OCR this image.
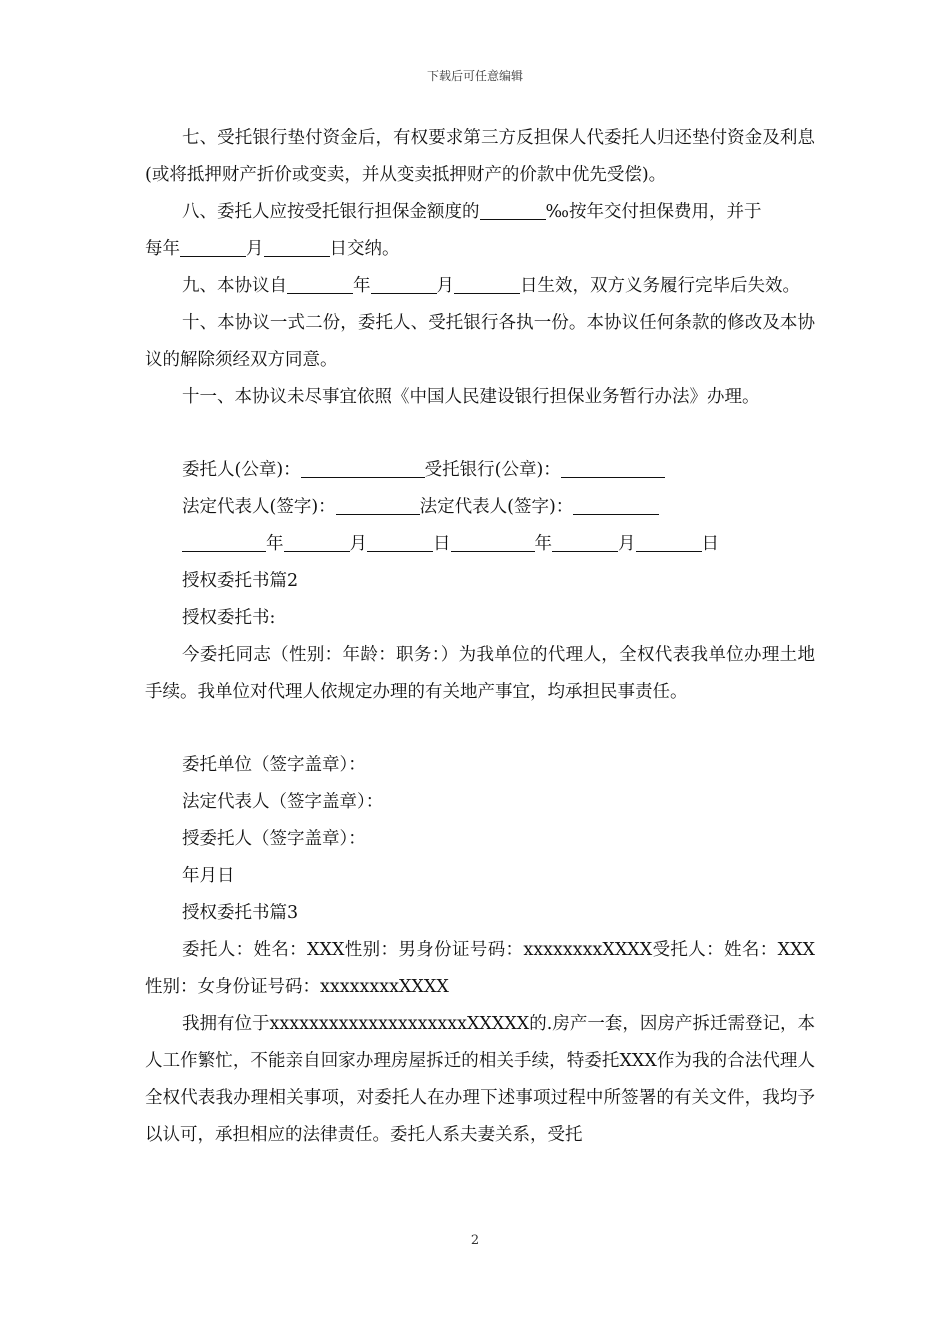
下载后可任意编辑
七、受托银行垫付资金后，有权要求第三方反担保人代委托人归还垫付资金及利息(或将抵押财产折价或变卖，并从变卖抵押财产的价款中优先受偿)。
八、委托人应按受托银行担保金额度的	‰按年交付担保费用，并于
每年	月	日交纳。
九、本协议自	年	月	日生效，双方义务履行完毕后失效。
十、本协议一式二份，委托人、受托银行各执一份。本协议任何条款的修改及本协议的解除须经双方同意。
十一、本协议未尽事宜依照《中国人民建设银行担保业务暂行办法》办理。
委托人(公章)：	受托银行(公章)：
法定代表人(签字)：	法定代表人(签字)：
年	月	日	年	月	日
授权委托书篇2
授权委托书:
今委托同志（性别：年龄：职务：）为我单位的代理人，全权代表我单位办理土地手续。我单位对代理人依规定办理的有关地产事宜，均承担民事责任。
委托单位（签字盖章）：
法定代表人（签字盖章）：
授委托人（签字盖章）：
年月日
授权委托书篇3
委托人：姓名：XXX性别：男身份证号码：xxxxxxxxXXXX受托人：姓名：XXX性别：女身份证号码：xxxxxxxxXXXX
我拥有位于xxxxxxxxxxxxxxxxxxxxXXXXX的.房产一套，因房产拆迁需登记，本人工作繁忙，不能亲自回家办理房屋拆迁的相关手续，特委托XXX作为我的合法代理人全权代表我办理相关事项，对委托人在办理下述事项过程中所签署的有关文件，我均予以认可，承担相应的法律责任。委托人系夫妻关系，受托
2
